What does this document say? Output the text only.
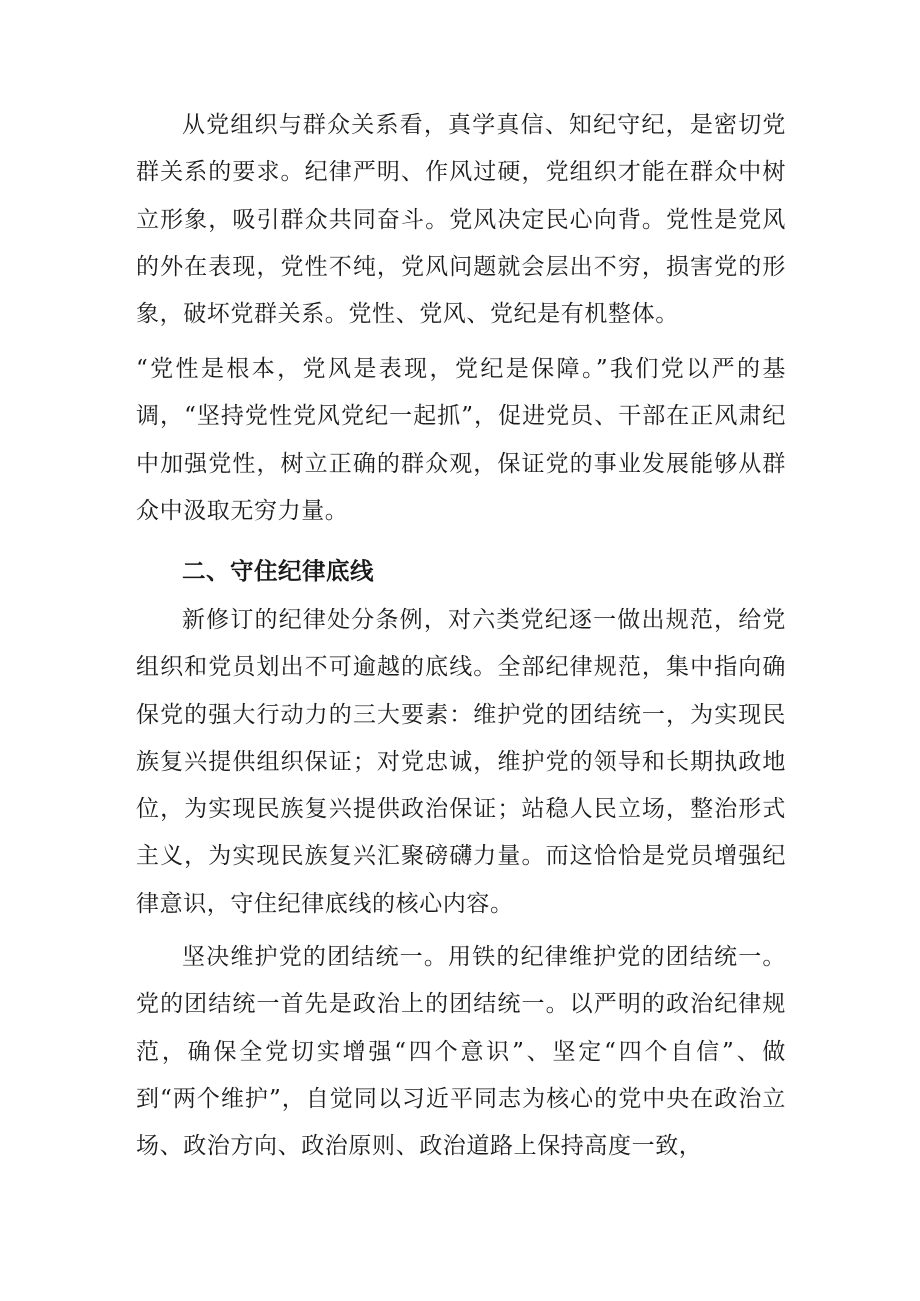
从党组织与群众关系看，真学真信、知纪守纪，是密切党群关系的要求。纪律严明、作风过硬，党组织才能在群众中树立形象，吸引群众共同奋斗。党风决定民心向背。党性是党风的外在表现，党性不纯，党风问题就会层出不穷，损害党的形象，破坏党群关系。党性、党风、党纪是有机整体。

“党性是根本，党风是表现，党纪是保障。”我们党以严的基调，“坚持党性党风党纪一起抓”，促进党员、干部在正风肃纪中加强党性，树立正确的群众观，保证党的事业发展能够从群众中汲取无穷力量。

二、守住纪律底线

新修订的纪律处分条例，对六类党纪逐一做出规范，给党组织和党员划出不可逾越的底线。全部纪律规范，集中指向确保党的强大行动力的三大要素：维护党的团结统一，为实现民族复兴提供组织保证；对党忠诚，维护党的领导和长期执政地位，为实现民族复兴提供政治保证；站稳人民立场，整治形式主义，为实现民族复兴汇聚磅礴力量。而这恰恰是党员增强纪律意识，守住纪律底线的核心内容。

坚决维护党的团结统一。用铁的纪律维护党的团结统一。党的团结统一首先是政治上的团结统一。以严明的政治纪律规范，确保全党切实增强“四个意识”、坚定“四个自信”、做到“两个维护”，自觉同以习近平同志为核心的党中央在政治立场、政治方向、政治原则、政治道路上保持高度一致，
